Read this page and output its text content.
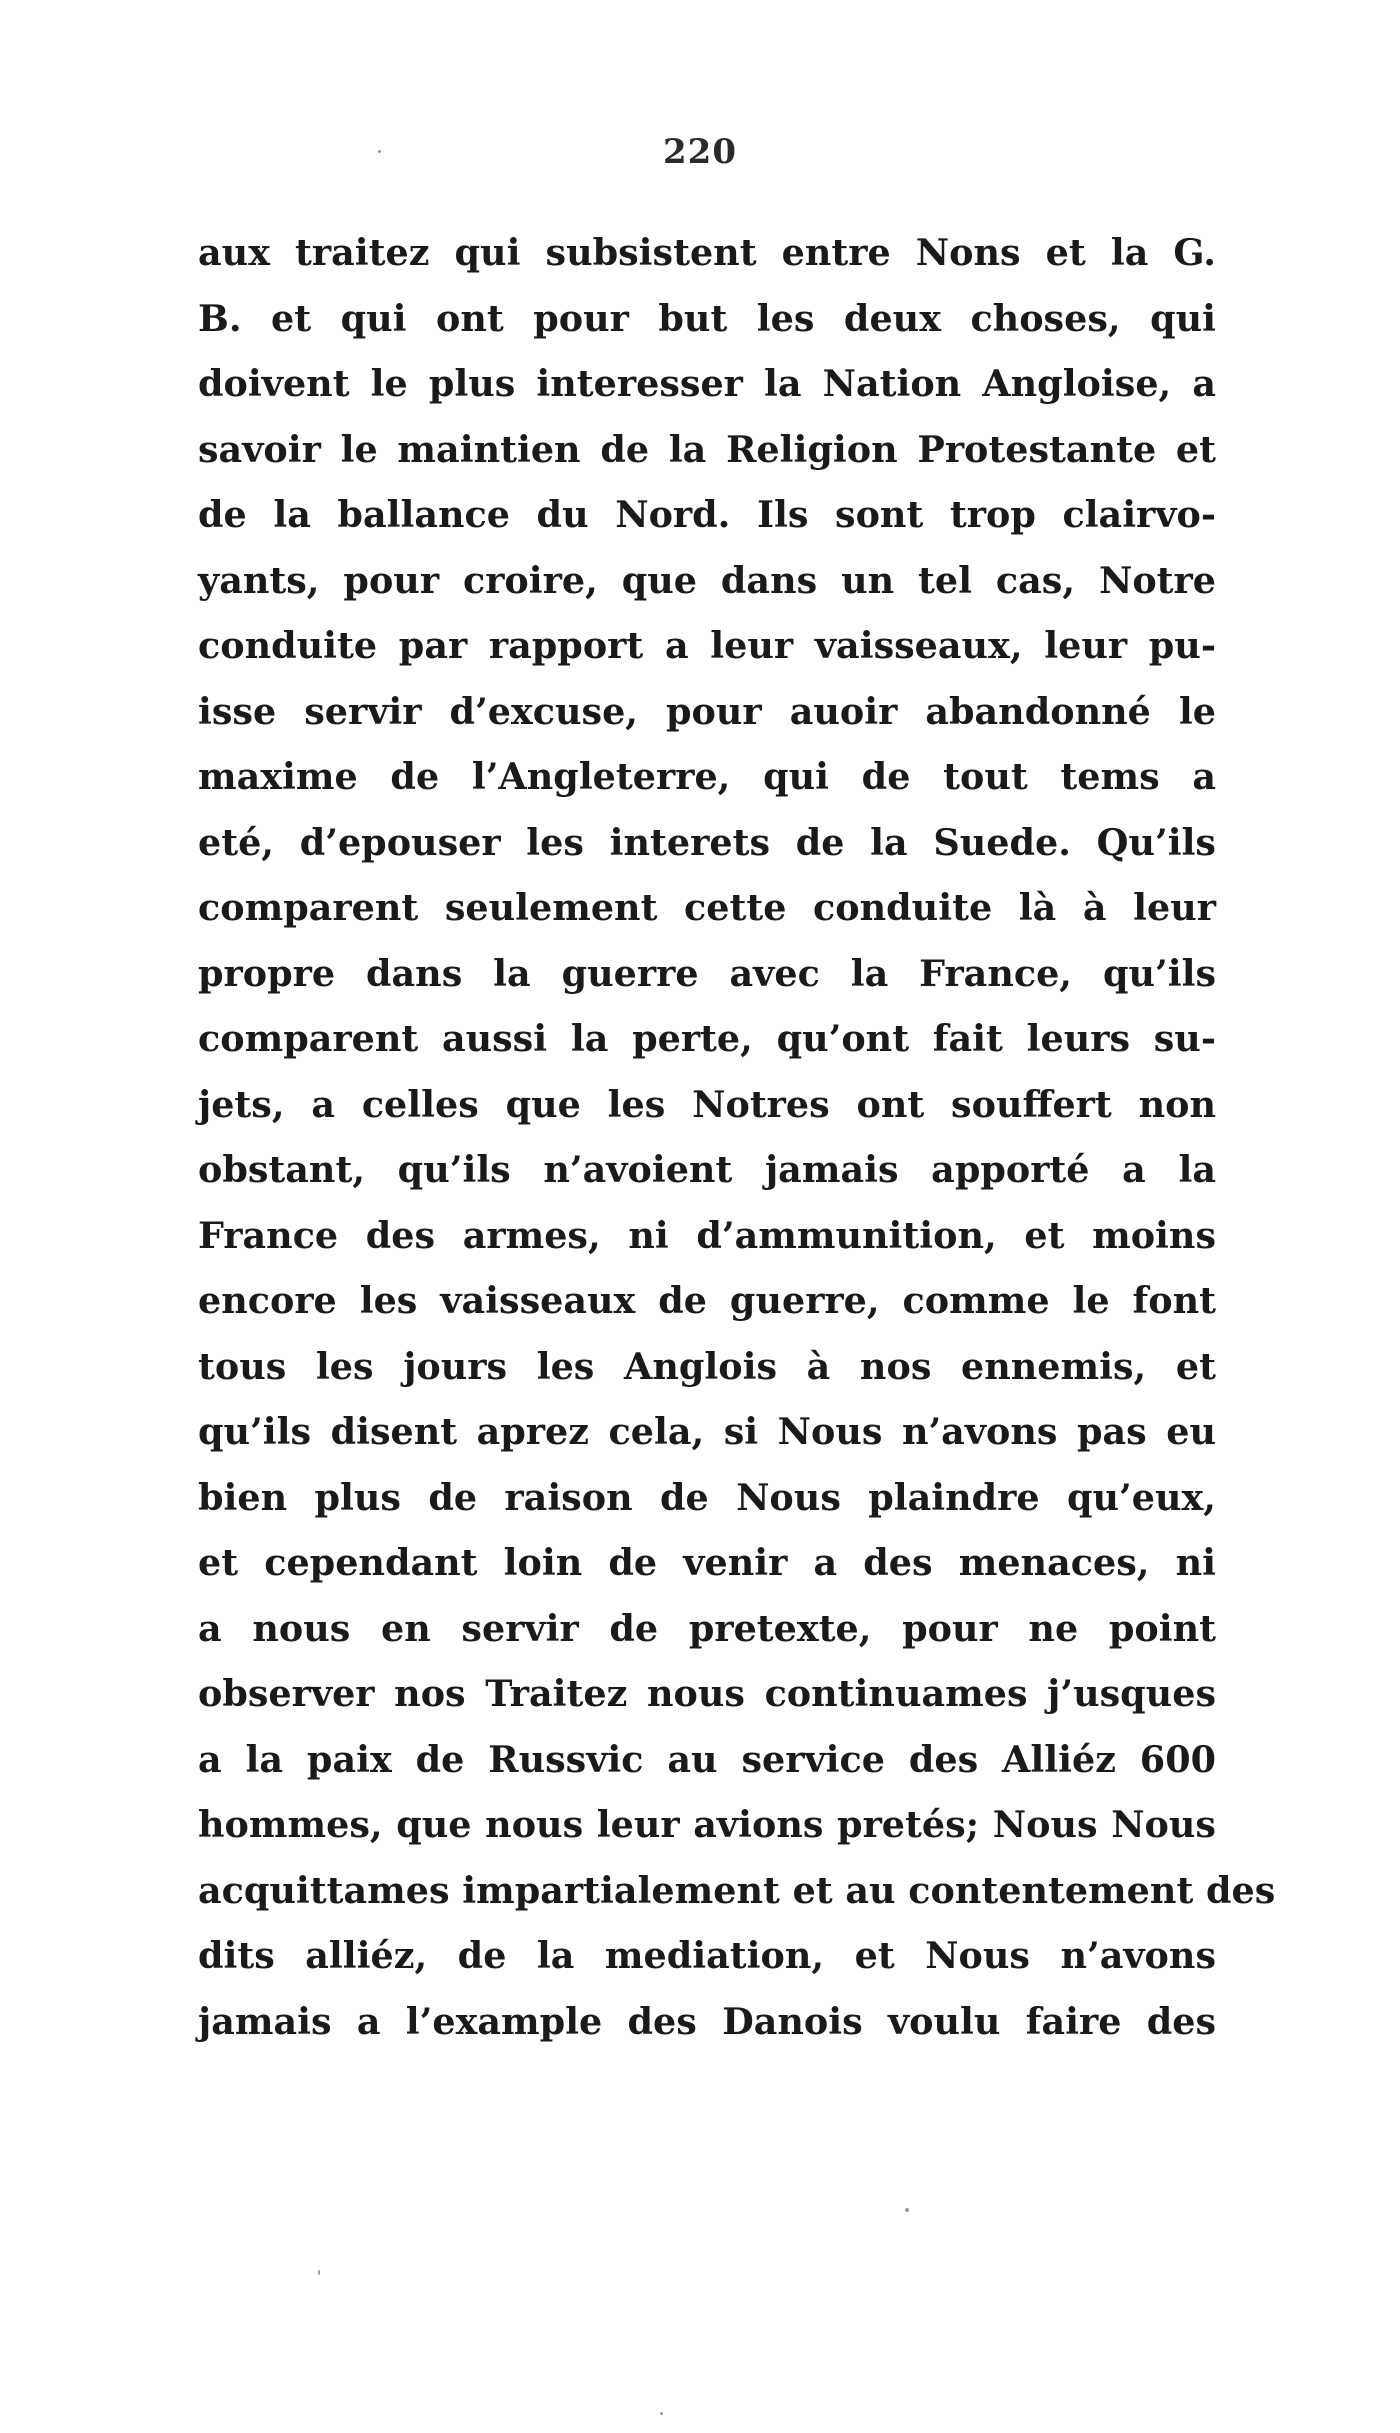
220
aux traitez qui subsistent entre Nons et la G.
B. et qui ont pour but les deux choses, qui
doivent le plus interesser la Nation Angloise, a
savoir le maintien de la Religion Protestante et
de la ballance du Nord. Ils sont trop clairvo-
yants, pour croire, que dans un tel cas, Notre
conduite par rapport a leur vaisseaux, leur pu-
isse servir d’excuse, pour auoir abandonné le
maxime de l’Angleterre, qui de tout tems a
eté, d’epouser les interets de la Suede. Qu’ils
comparent seulement cette conduite là à leur
propre dans la guerre avec la France, qu’ils
comparent aussi la perte, qu’ont fait leurs su-
jets, a celles que les Notres ont souffert non
obstant, qu’ils n’avoient jamais apporté a la
France des armes, ni d’ammunition, et moins
encore les vaisseaux de guerre, comme le font
tous les jours les Anglois à nos ennemis, et
qu’ils disent aprez cela, si Nous n’avons pas eu
bien plus de raison de Nous plaindre qu’eux,
et cependant loin de venir a des menaces, ni
a nous en servir de pretexte, pour ne point
observer nos Traitez nous continuames j’usques
a la paix de Russvic au service des Alliéz 600
hommes, que nous leur avions pretés; Nous Nous
acquittames impartialement et au contentement des
dits alliéz, de la mediation, et Nous n’avons
jamais a l’example des Danois voulu faire des
